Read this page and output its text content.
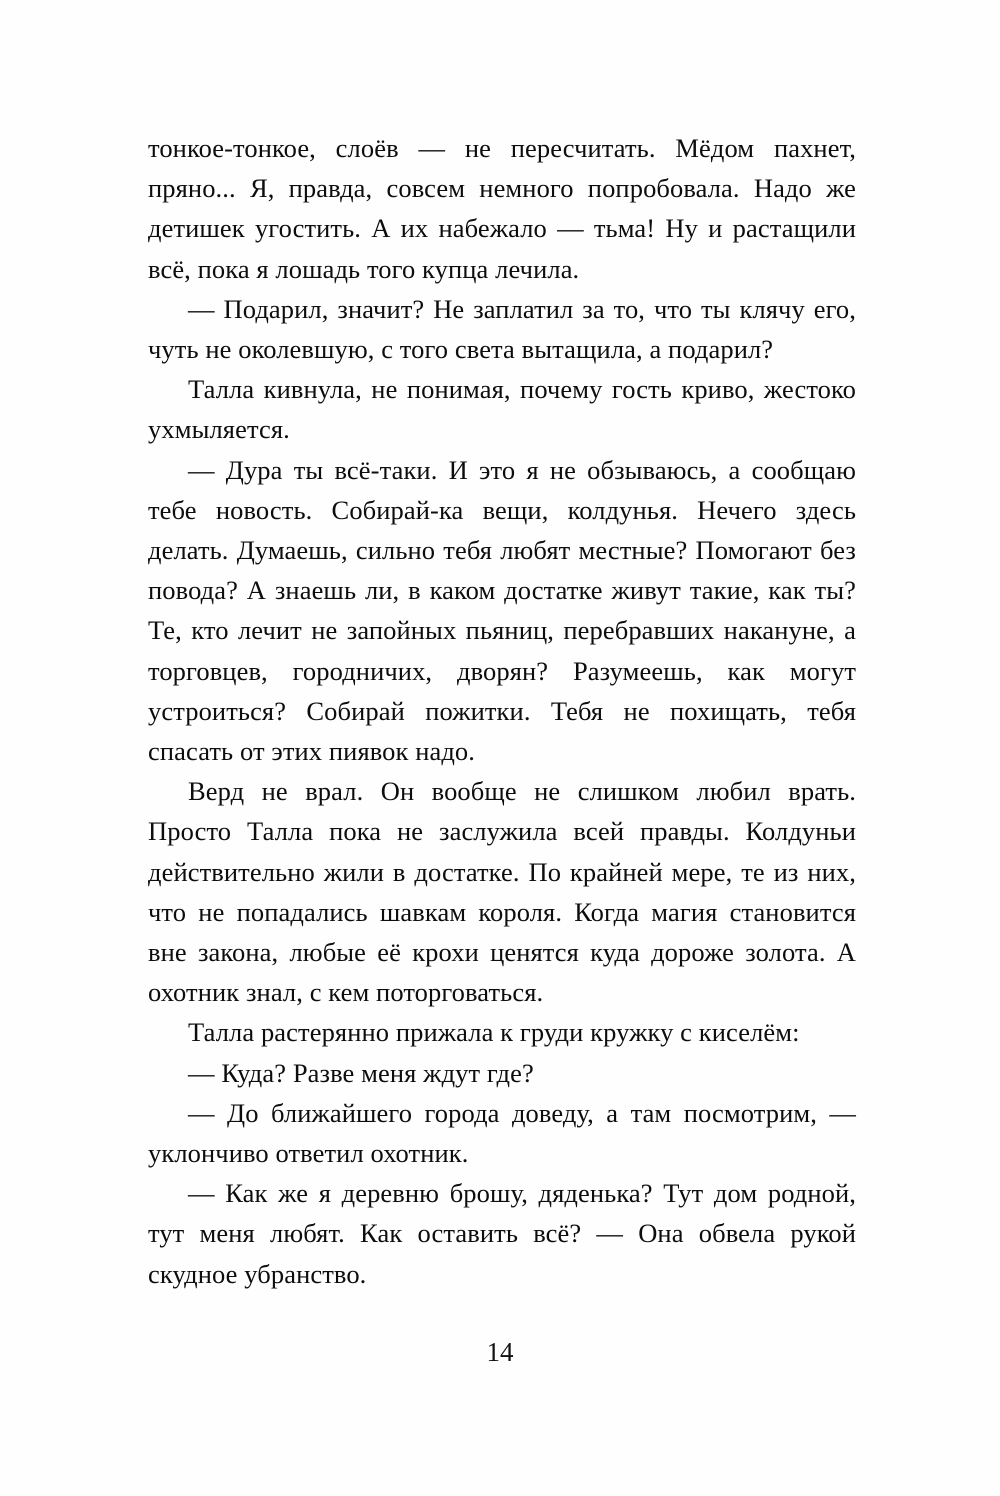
тонкое-тонкое, слоёв — не пересчитать. Мёдом пахнет, пряно... Я, правда, совсем немного попробовала. Надо же детишек угостить. А их набежало — тьма! Ну и растащили всё, пока я лошадь того купца лечила.

— Подарил, значит? Не заплатил за то, что ты клячу его, чуть не околевшую, с того света вытащила, а подарил?

Талла кивнула, не понимая, почему гость криво, жестоко ухмыляется.

— Дура ты всё-таки. И это я не обзываюсь, а сообщаю тебе новость. Собирай-ка вещи, колдунья. Нечего здесь делать. Думаешь, сильно тебя любят местные? Помогают без повода? А знаешь ли, в каком достатке живут такие, как ты? Те, кто лечит не запойных пьяниц, перебравших накануне, а торговцев, городничих, дворян? Разумеешь, как могут устроиться? Собирай пожитки. Тебя не похищать, тебя спасать от этих пиявок надо.

Верд не врал. Он вообще не слишком любил врать. Просто Талла пока не заслужила всей правды. Колдуньи действительно жили в достатке. По крайней мере, те из них, что не попадались шавкам короля. Когда магия становится вне закона, любые её крохи ценятся куда дороже золота. А охотник знал, с кем поторговаться.

Талла растерянно прижала к груди кружку с киселём:

— Куда? Разве меня ждут где?

— До ближайшего города доведу, а там посмотрим, — уклончиво ответил охотник.

— Как же я деревню брошу, дяденька? Тут дом родной, тут меня любят. Как оставить всё? — Она обвела рукой скудное убранство.

14
